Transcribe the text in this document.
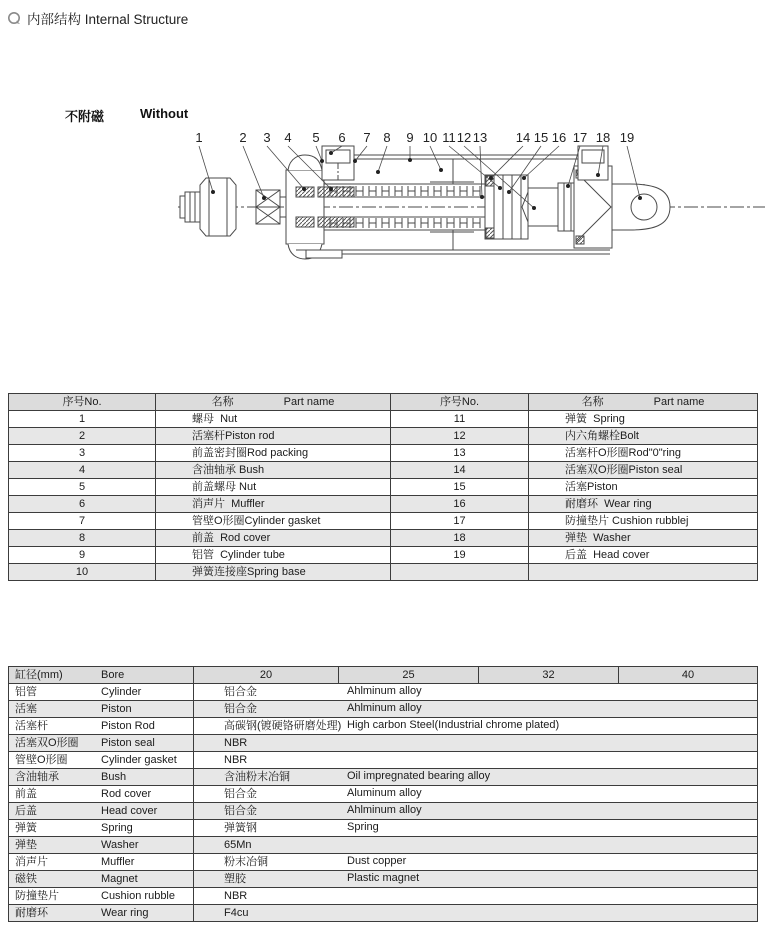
内部结构 Internal Structure
不附磁	Without
1	2 3 4 5 6 7 8 9 10 11 12 13 14 15 16 17 18 19
序号No.	名称 Part name	序号No.	名称 Part name

1	螺母  Nut	11	弹簧  Spring
2	活塞杆Piston rod	12	内六角螺栓Bolt
3	前盖密封圈Rod packing	13	活塞杆O形圈Rod"0"ring
4	含油轴承 Bush	14	活塞双O形圈Piston seal
5	前盖螺母 Nut	15	活塞Piston
6	消声片  Muffler	16	耐磨环  Wear ring
7	管壁O形圈Cylinder gasket	17	防撞垫片 Cushion rubblej
8	前盖  Rod cover	18	弹垫  Washer
9	铝管  Cylinder tube	19	后盖  Head cover
10	弹簧连接座Spring base		
缸径(mm) Bore	20	25	32	40
铝管 Cylinder	铝合金 Ahlminum alloy			

活塞 Piston	铝合金 Ahlminum alloy			

活塞杆 Piston Rod	高碳钢(镀硬铬研磨处理) High carbon Steel(Industrial chrome plated)			

活塞双O形圈 Piston seal	NBR			

管壁O形圈 Cylinder gasket	NBR			

含油轴承 Bush	含油粉末冶铜 Oil impregnated bearing alloy			

前盖 Rod cover	铝合金 Aluminum alloy			

后盖 Head cover	铝合金 Ahlminum alloy			

弹簧 Spring	弹簧钢 Spring			

弹垫 Washer	65Mn			

消声片 Muffler	粉末冶铜 Dust copper			

磁铁 Magnet	塑胶 Plastic magnet			

防撞垫片 Cushion rubble	NBR			

耐磨环 Wear ring	F4cu			
